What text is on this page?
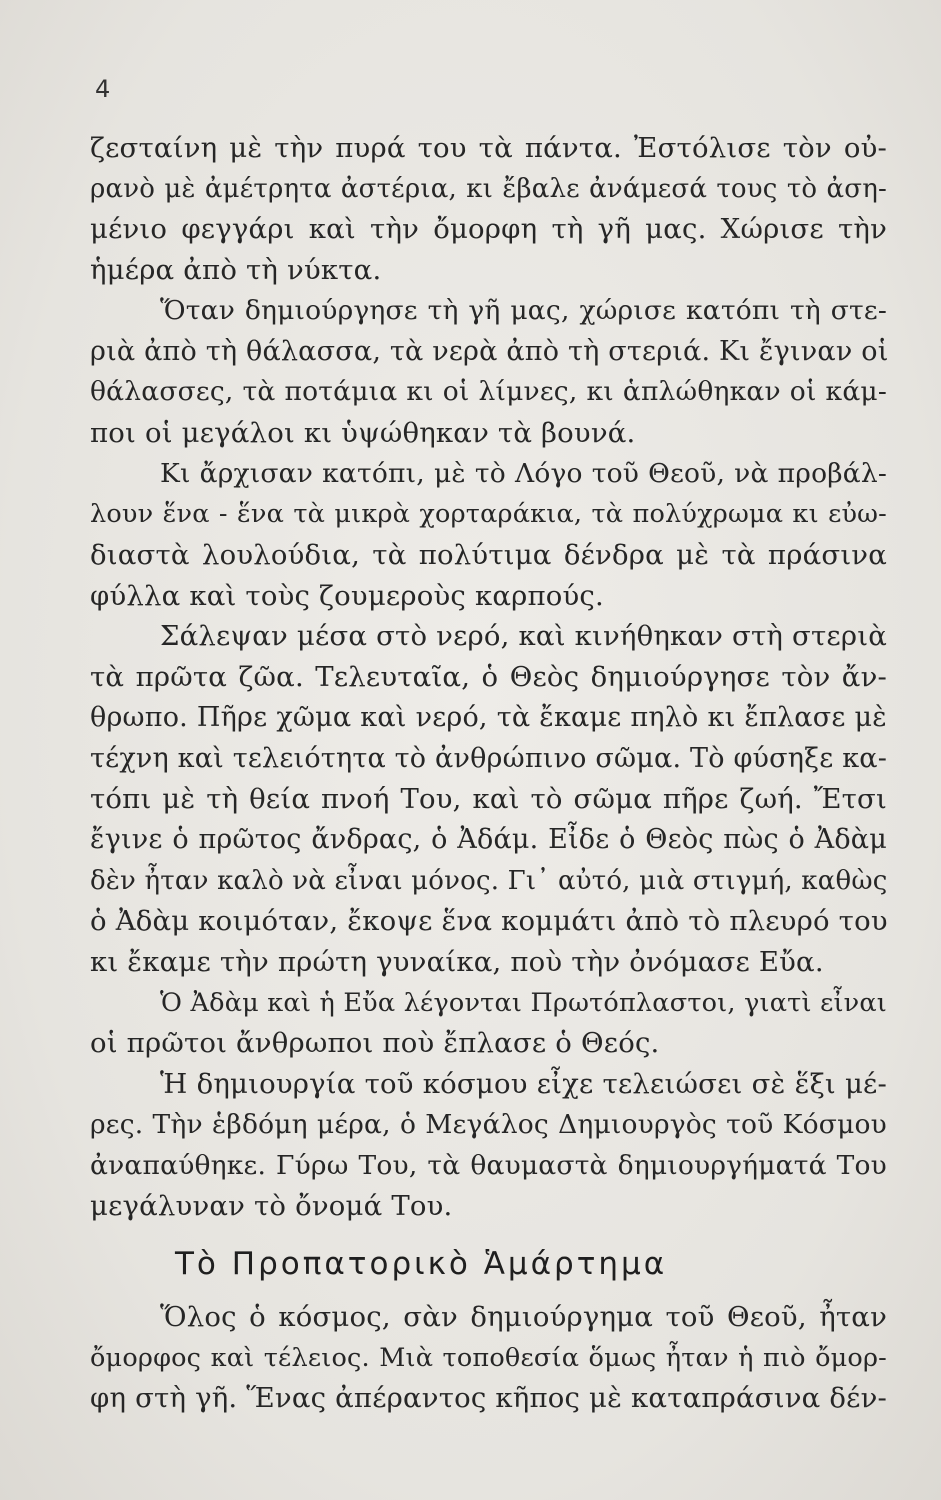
4
Τὸ Προπατορικὸ Ἁμάρτημα
ζεσταίνη μὲ τὴν πυρά του τὰ πάντα. Ἐστόλισε τὸν οὐ-
ρανὸ μὲ ἀμέτρητα ἀστέρια, κι ἔβαλε ἀνάμεσά τους τὸ ἀση-
μένιο φεγγάρι καὶ τὴν ὄμορφη τὴ γῆ μας. Χώρισε τὴν
ἡμέρα ἀπὸ τὴ νύκτα.
Ὅταν δημιούργησε τὴ γῆ μας, χώρισε κατόπι τὴ στε-
ριὰ ἀπὸ τὴ θάλασσα, τὰ νερὰ ἀπὸ τὴ στεριά. Κι ἔγιναν οἱ
θάλασσες, τὰ ποτάμια κι οἱ λίμνες, κι ἁπλώθηκαν οἱ κάμ-
ποι οἱ μεγάλοι κι ὑψώθηκαν τὰ βουνά.
Κι ἄρχισαν κατόπι, μὲ τὸ Λόγο τοῦ Θεοῦ, νὰ προβάλ-
λουν ἕνα - ἕνα τὰ μικρὰ χορταράκια, τὰ πολύχρωμα κι εὐω-
διαστὰ λουλούδια, τὰ πολύτιμα δένδρα μὲ τὰ πράσινα
φύλλα καὶ τοὺς ζουμεροὺς καρπούς.
Σάλεψαν μέσα στὸ νερό, καὶ κινήθηκαν στὴ στεριὰ
τὰ πρῶτα ζῶα. Τελευταῖα, ὁ Θεὸς δημιούργησε τὸν ἄν-
θρωπο. Πῆρε χῶμα καὶ νερό, τὰ ἔκαμε πηλὸ κι ἔπλασε μὲ
τέχνη καὶ τελειότητα τὸ ἀνθρώπινο σῶμα. Τὸ φύσηξε κα-
τόπι μὲ τὴ θεία πνοή Του, καὶ τὸ σῶμα πῆρε ζωή. Ἔτσι
ἔγινε ὁ πρῶτος ἄνδρας, ὁ Ἀδάμ. Εἶδε ὁ Θεὸς πὼς ὁ Ἀδὰμ
δὲν ἦταν καλὸ νὰ εἶναι μόνος. Γι᾽ αὐτό, μιὰ στιγμή, καθὼς
ὁ Ἀδὰμ κοιμόταν, ἔκοψε ἕνα κομμάτι ἀπὸ τὸ πλευρό του
κι ἔκαμε τὴν πρώτη γυναίκα, ποὺ τὴν ὀνόμασε Εὔα.
Ὁ Ἀδὰμ καὶ ἡ Εὔα λέγονται Πρωτόπλαστοι, γιατὶ εἶναι
οἱ πρῶτοι ἄνθρωποι ποὺ ἔπλασε ὁ Θεός.
Ἡ δημιουργία τοῦ κόσμου εἶχε τελειώσει σὲ ἕξι μέ-
ρες. Τὴν ἑβδόμη μέρα, ὁ Μεγάλος Δημιουργὸς τοῦ Κόσμου
ἀναπαύθηκε. Γύρω Του, τὰ θαυμαστὰ δημιουργήματά Του
μεγάλυναν τὸ ὄνομά Του.
Ὅλος ὁ κόσμος, σὰν δημιούργημα τοῦ Θεοῦ, ἦταν
ὄμορφος καὶ τέλειος. Μιὰ τοποθεσία ὅμως ἦταν ἡ πιὸ ὄμορ-
φη στὴ γῆ. Ἕνας ἀπέραντος κῆπος μὲ καταπράσινα δέν-
